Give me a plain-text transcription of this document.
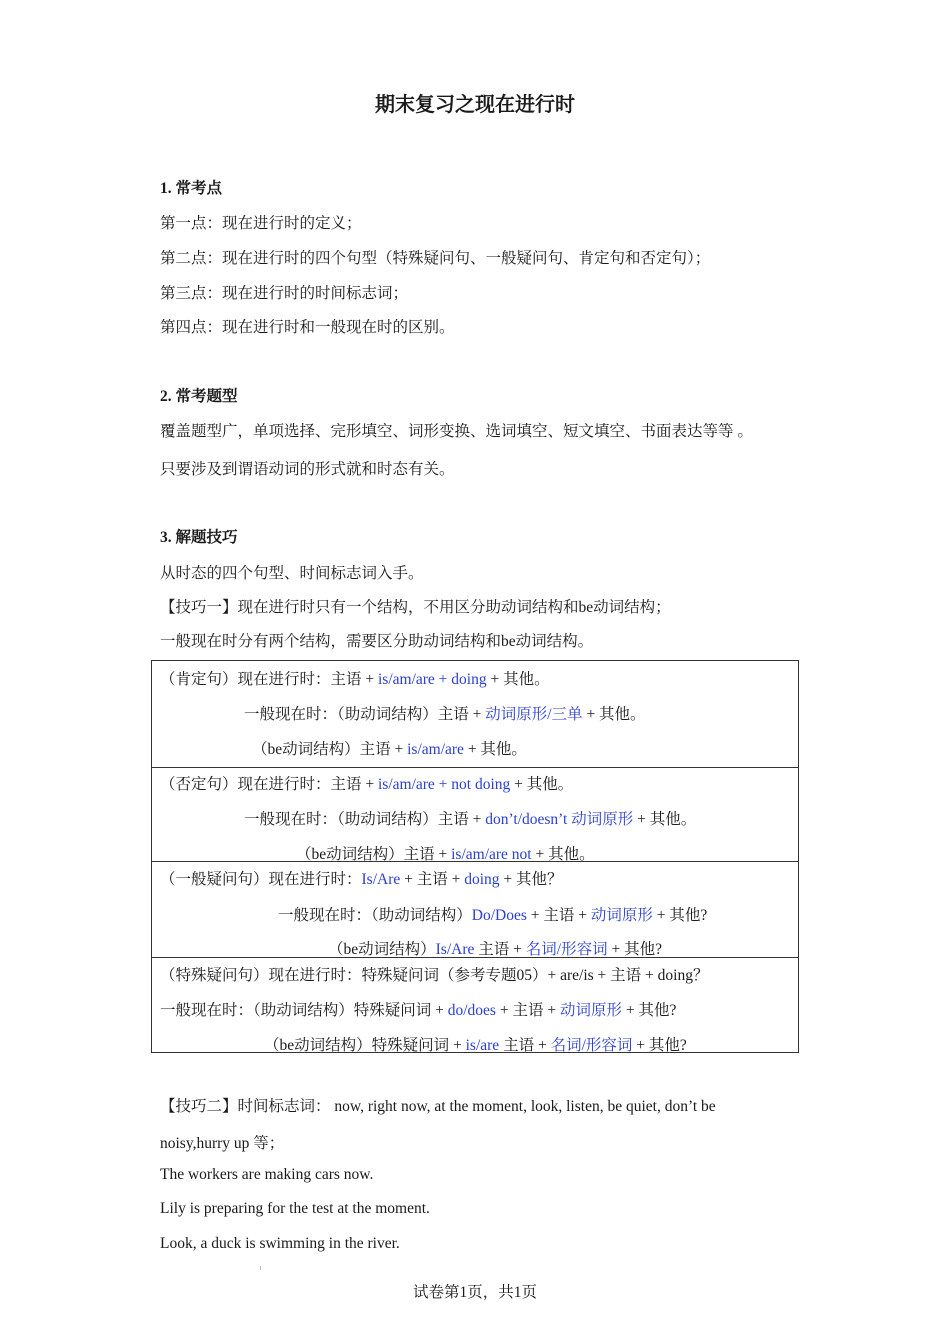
期末复习之现在进行时
1. 常考点
第一点：现在进行时的定义；
第二点：现在进行时的四个句型（特殊疑问句、一般疑问句、肯定句和否定句）；
第三点：现在进行时的时间标志词；
第四点：现在进行时和一般现在时的区别。
2. 常考题型
覆盖题型广，单项选择、完形填空、词形变换、选词填空、短文填空、书面表达等等 。
只要涉及到谓语动词的形式就和时态有关。
3. 解题技巧
从时态的四个句型、时间标志词入手。
【技巧一】现在进行时只有一个结构，不用区分助动词结构和be动词结构；
一般现在时分有两个结构，需要区分助动词结构和be动词结构。
（肯定句）现在进行时：主语 + is/am/are + doing + 其他。
一般现在时：（助动词结构）主语 + 动词原形/三单 + 其他。
（be动词结构）主语 + is/am/are + 其他。
（否定句）现在进行时：主语 + is/am/are + not doing + 其他。
一般现在时：（助动词结构）主语 + don’t/doesn’t 动词原形 + 其他。
（be动词结构）主语 + is/am/are not + 其他。
（一般疑问句）现在进行时：Is/Are + 主语 + doing + 其他？
一般现在时：（助动词结构）Do/Does + 主语 + 动词原形 + 其他?
（be动词结构）Is/Are 主语 + 名词/形容词 + 其他?
（特殊疑问句）现在进行时：特殊疑问词（参考专题05）+ are/is + 主语 + doing？
一般现在时：（助动词结构）特殊疑问词 + do/does + 主语 + 动词原形 + 其他?
（be动词结构）特殊疑问词 + is/are 主语 + 名词/形容词 + 其他?
【技巧二】时间标志词： now, right now, at the moment, look, listen, be quiet, don’t be
noisy,hurry up 等；
The workers are making cars now.
Lily is preparing for the test at the moment.
Look, a duck is swimming in the river.
试卷第1页，共1页
